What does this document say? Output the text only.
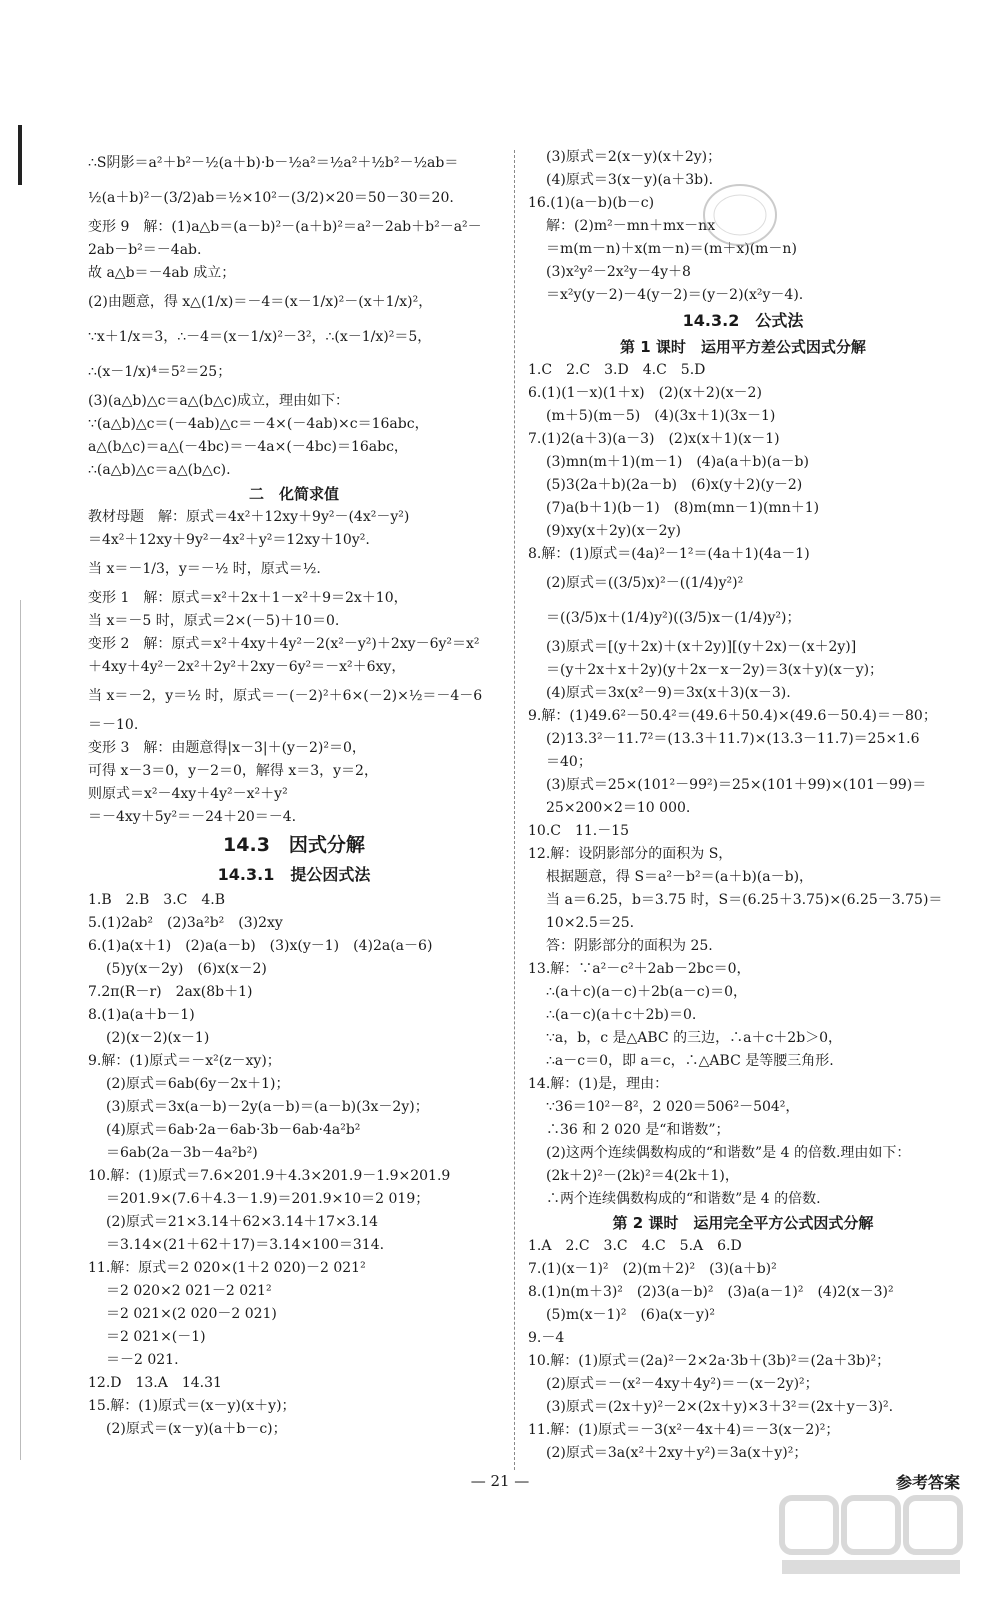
∴S阴影＝a²＋b²－½(a＋b)·b－½a²＝½a²＋½b²－½ab＝
½(a＋b)²－(3/2)ab＝½×10²－(3/2)×20＝50－30＝20.
变形 9　解：(1)a△b＝(a－b)²－(a＋b)²＝a²－2ab＋b²－a²－
2ab－b²＝－4ab.
故 a△b＝－4ab 成立；
(2)由题意，得 x△(1/x)＝－4＝(x－1/x)²－(x＋1/x)²，
∵x＋1/x＝3，∴－4＝(x－1/x)²－3²，∴(x－1/x)²＝5，
∴(x－1/x)⁴＝5²＝25；
(3)(a△b)△c＝a△(b△c)成立，理由如下：
∵(a△b)△c＝(－4ab)△c＝－4×(－4ab)×c＝16abc，
a△(b△c)＝a△(－4bc)＝－4a×(－4bc)＝16abc，
∴(a△b)△c＝a△(b△c).
二　化简求值
教材母题　解：原式＝4x²＋12xy＋9y²－(4x²－y²)
＝4x²＋12xy＋9y²－4x²＋y²＝12xy＋10y².
当 x＝－1/3，y＝－½ 时，原式＝½.
变形 1　解：原式＝x²＋2x＋1－x²＋9＝2x＋10，
当 x＝－5 时，原式＝2×(－5)＋10＝0.
变形 2　解：原式＝x²＋4xy＋4y²－2(x²－y²)＋2xy－6y²＝x²
＋4xy＋4y²－2x²＋2y²＋2xy－6y²＝－x²＋6xy，
当 x＝－2，y＝½ 时，原式＝－(－2)²＋6×(－2)×½＝－4－6
＝－10.
变形 3　解：由题意得|x－3|＋(y－2)²＝0，
可得 x－3＝0，y－2＝0，解得 x＝3，y＝2，
则原式＝x²－4xy＋4y²－x²＋y²
＝－4xy＋5y²＝－24＋20＝－4.
14.3　因式分解
14.3.1　提公因式法
1.B　2.B　3.C　4.B
5.(1)2ab²　(2)3a²b²　(3)2xy
6.(1)a(x＋1)　(2)a(a－b)　(3)x(y－1)　(4)2a(a－6)
(5)y(x－2y)　(6)x(x－2)
7.2π(R－r)　2ax(8b＋1)
8.(1)a(a＋b－1)
(2)(x－2)(x－1)
9.解：(1)原式＝－x²(z－xy)；
(2)原式＝6ab(6y－2x＋1)；
(3)原式＝3x(a－b)－2y(a－b)＝(a－b)(3x－2y)；
(4)原式＝6ab·2a－6ab·3b－6ab·4a²b²
＝6ab(2a－3b－4a²b²)
10.解：(1)原式＝7.6×201.9＋4.3×201.9－1.9×201.9
＝201.9×(7.6＋4.3－1.9)＝201.9×10＝2 019；
(2)原式＝21×3.14＋62×3.14＋17×3.14
＝3.14×(21＋62＋17)＝3.14×100＝314.
11.解：原式＝2 020×(1＋2 020)－2 021²
＝2 020×2 021－2 021²
＝2 021×(2 020－2 021)
＝2 021×(－1)
＝－2 021.
12.D　13.A　14.31
15.解：(1)原式＝(x－y)(x＋y)；
(2)原式＝(x－y)(a＋b－c)；
(3)原式＝2(x－y)(x＋2y)；
(4)原式＝3(x－y)(a＋3b).
16.(1)(a－b)(b－c)
解：(2)m²－mn＋mx－nx
＝m(m－n)＋x(m－n)＝(m＋x)(m－n)
(3)x²y²－2x²y－4y＋8
＝x²y(y－2)－4(y－2)＝(y－2)(x²y－4).
14.3.2　公式法
第 1 课时　运用平方差公式因式分解
1.C　2.C　3.D　4.C　5.D
6.(1)(1－x)(1＋x)　(2)(x＋2)(x－2)
(m＋5)(m－5)　(4)(3x＋1)(3x－1)
7.(1)2(a＋3)(a－3)　(2)x(x＋1)(x－1)
(3)mn(m＋1)(m－1)　(4)a(a＋b)(a－b)
(5)3(2a＋b)(2a－b)　(6)x(y＋2)(y－2)
(7)a(b＋1)(b－1)　(8)m(mn－1)(mn＋1)
(9)xy(x＋2y)(x－2y)
8.解：(1)原式＝(4a)²－1²＝(4a＋1)(4a－1)
(2)原式＝((3/5)x)²－((1/4)y²)²
＝((3/5)x＋(1/4)y²)((3/5)x－(1/4)y²)；
(3)原式＝[(y＋2x)＋(x＋2y)][(y＋2x)－(x＋2y)]
＝(y＋2x＋x＋2y)(y＋2x－x－2y)＝3(x＋y)(x－y)；
(4)原式＝3x(x²－9)＝3x(x＋3)(x－3).
9.解：(1)49.6²－50.4²＝(49.6＋50.4)×(49.6－50.4)＝－80；
(2)13.3²－11.7²＝(13.3＋11.7)×(13.3－11.7)＝25×1.6
＝40；
(3)原式＝25×(101²－99²)＝25×(101＋99)×(101－99)＝
25×200×2＝10 000.
10.C　11.－15
12.解：设阴影部分的面积为 S，
根据题意，得 S＝a²－b²＝(a＋b)(a－b)，
当 a＝6.25，b＝3.75 时，S＝(6.25＋3.75)×(6.25－3.75)＝
10×2.5＝25.
答：阴影部分的面积为 25.
13.解：∵a²－c²＋2ab－2bc＝0，
∴(a＋c)(a－c)＋2b(a－c)＝0，
∴(a－c)(a＋c＋2b)＝0.
∵a，b，c 是△ABC 的三边，∴a＋c＋2b＞0，
∴a－c＝0，即 a＝c，∴△ABC 是等腰三角形.
14.解：(1)是，理由：
∵36＝10²－8²，2 020＝506²－504²，
∴36 和 2 020 是“和谐数”；
(2)这两个连续偶数构成的“和谐数”是 4 的倍数.理由如下：
(2k＋2)²－(2k)²＝4(2k＋1)，
∴两个连续偶数构成的“和谐数”是 4 的倍数.
第 2 课时　运用完全平方公式因式分解
1.A　2.C　3.C　4.C　5.A　6.D
7.(1)(x－1)²　(2)(m＋2)²　(3)(a＋b)²
8.(1)n(m＋3)²　(2)3(a－b)²　(3)a(a－1)²　(4)2(x－3)²
(5)m(x－1)²　(6)a(x－y)²
9.－4
10.解：(1)原式＝(2a)²－2×2a·3b＋(3b)²＝(2a＋3b)²；
(2)原式＝－(x²－4xy＋4y²)＝－(x－2y)²；
(3)原式＝(2x＋y)²－2×(2x＋y)×3＋3²＝(2x＋y－3)².
11.解：(1)原式＝－3(x²－4x＋4)＝－3(x－2)²；
(2)原式＝3a(x²＋2xy＋y²)＝3a(x＋y)²；
— 21 —	参考答案
